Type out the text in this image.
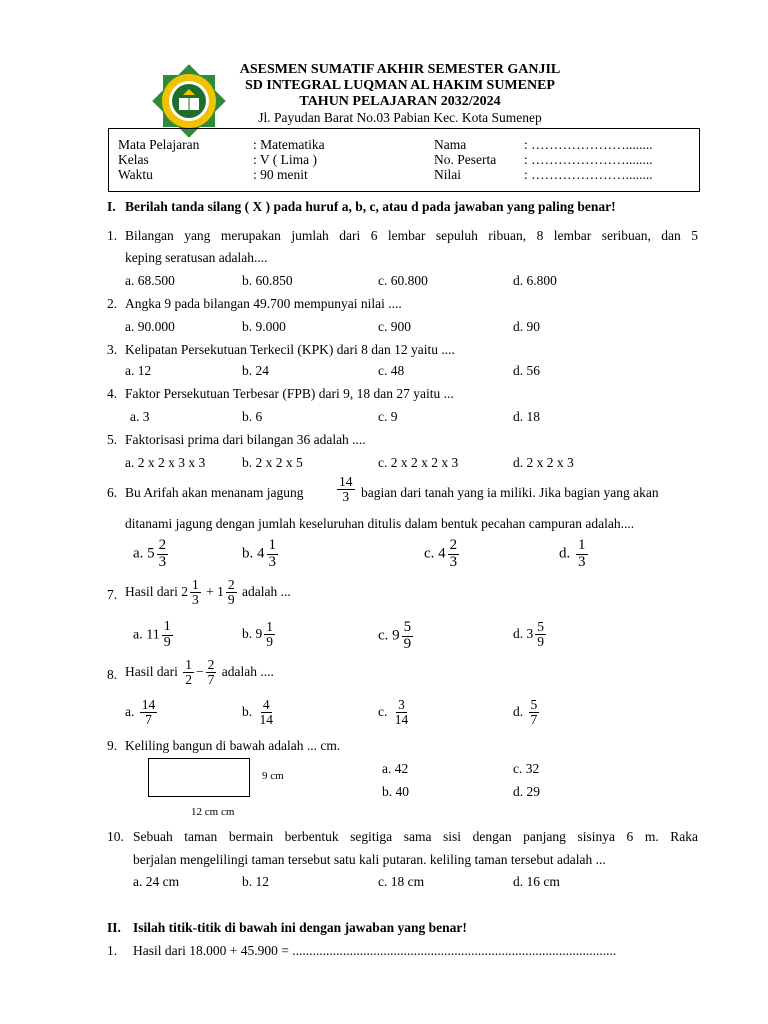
ASESMEN SUMATIF AKHIR SEMESTER GANJIL
SD INTEGRAL LUQMAN AL HAKIM SUMENEP
TAHUN PELAJARAN 2032/2024
Jl. Payudan Barat No.03 Pabian Kec. Kota Sumenep
Mata Pelajaran	: Matematika
Kelas	: V ( Lima )
Waktu	: 90 menit
Nama	: …………………........
No. Peserta : …………………........
Nilai	: …………………........
I. Berilah tanda silang ( X ) pada huruf a, b, c, atau d pada jawaban yang paling benar!
1. Bilangan yang merupakan jumlah dari 6 lembar sepuluh ribuan, 8 lembar seribuan, dan 5
keping seratusan adalah....
a. 68.500	b. 60.850	c. 60.800	d. 6.800
2. Angka 9 pada bilangan 49.700 mempunyai nilai ....
a. 90.000	b. 9.000	c. 900	d. 90
3. Kelipatan Persekutuan Terkecil (KPK) dari 8 dan 12 yaitu ....
a. 12	b. 24	c. 48	d. 56
4. Faktor Persekutuan Terbesar (FPB) dari 9, 18 dan 27 yaitu ...
a. 3	b. 6	c. 9	d. 18
5. Faktorisasi prima dari bilangan 36 adalah ....
a. 2 x 2 x 3 x 3	b. 2 x 2 x 5	c. 2 x 2 x 2 x 3	d. 2 x 2 x 3
6. Bu Arifah akan menanam jagung $\frac{14}{3}$ bagian dari tanah yang ia miliki. Jika bagian yang akan
ditanami jagung dengan jumlah keseluruhan ditulis dalam bentuk pecahan campuran adalah....
a. $5 \frac{2}{3}$	b. $4 \frac{1}{3}$	c. $4 \frac{2}{3}$	d. $\frac{1}{3}$
7. Hasil dari $2 \frac{1}{3} + 1 \frac{2}{9}$ adalah ...
a. $11 \frac{1}{9}$	b. $9 \frac{1}{9}$	c. $9 \frac{5}{9}$	d. $3 \frac{5}{9}$
8. Hasil dari $\frac{1}{2} - \frac{2}{7}$ adalah ....
a. $\frac{14}{7}$	b. $\frac{4}{14}$	c. $\frac{3}{14}$	d. $\frac{5}{7}$
9. Keliling bangun di bawah adalah ... cm.
9 cm
12 cm cm
a. 42
b. 40
c. 32
d. 29
10. Sebuah taman bermain berbentuk segitiga sama sisi dengan panjang sisinya 6 m. Raka
berjalan mengelilingi taman tersebut satu kali putaran. keliling taman tersebut adalah ...
a. 24 cm	b. 12	c. 18 cm	d. 16 cm
II. Isilah titik-titik di bawah ini dengan jawaban yang benar!
1. Hasil dari 18.000 + 45.900 = ................................................................................................
